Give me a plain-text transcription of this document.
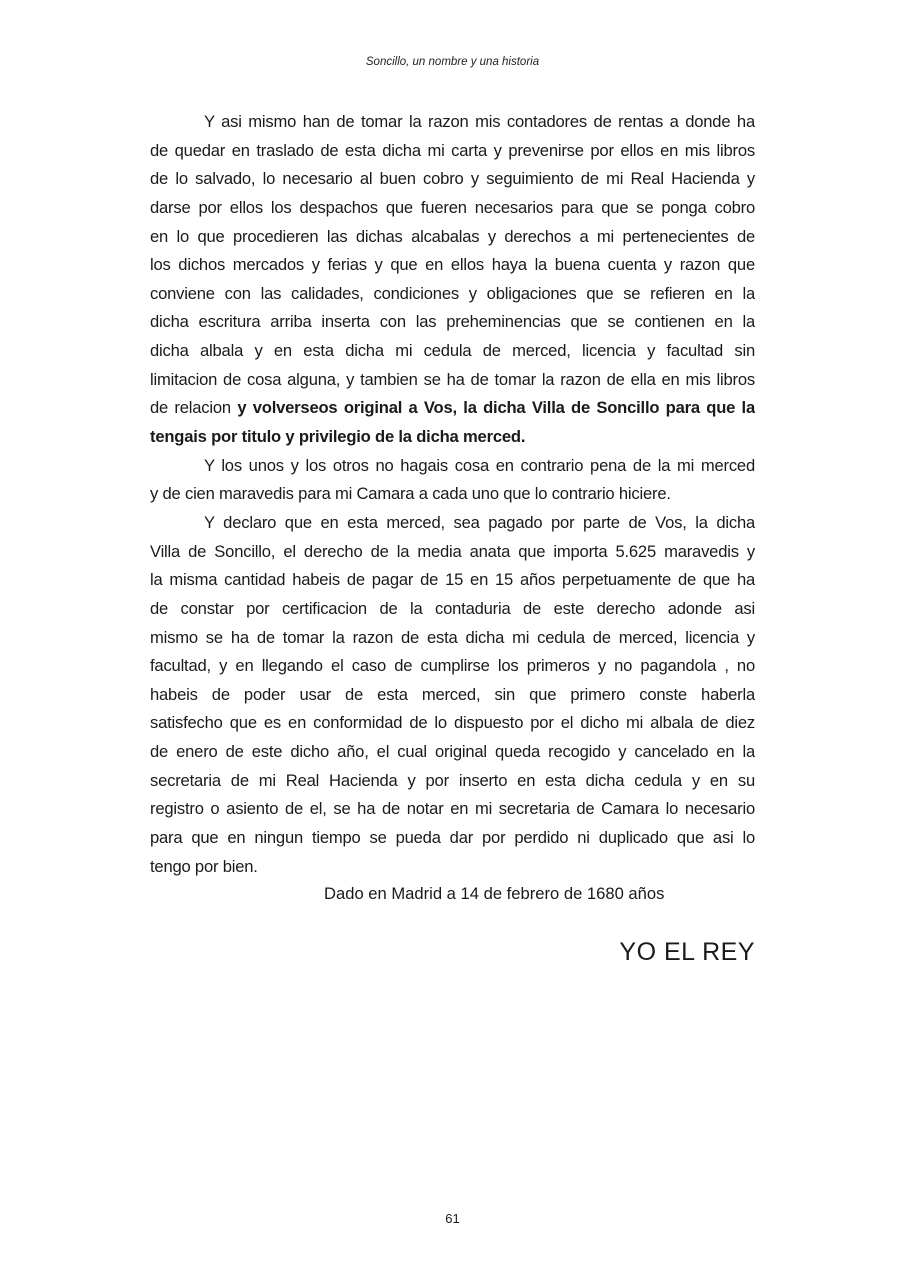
Soncillo, un nombre y una historia
Y asi mismo han de tomar la razon mis contadores de rentas a donde ha
de quedar en traslado de esta dicha mi carta y prevenirse por ellos en mis libros
de lo salvado, lo necesario al buen cobro y seguimiento de mi Real Hacienda y
darse por ellos los despachos que fueren necesarios para que se ponga cobro
en lo que procedieren las dichas alcabalas y derechos a mi pertenecientes de
los dichos mercados y ferias y que en ellos haya la buena cuenta y razon que
conviene con las calidades, condiciones y obligaciones que se refieren en la
dicha escritura arriba inserta con las preheminencias que se contienen en la
dicha albala y en esta dicha mi cedula de merced, licencia y facultad sin
limitacion de cosa alguna, y tambien se ha de tomar la razon de ella en mis libros
de relacion y volverseos original a Vos, la dicha Villa de Soncillo para que la
tengais por titulo y privilegio de la dicha merced.
Y los unos y los otros no hagais cosa en contrario pena de la mi merced
y de cien maravedis para mi Camara a cada uno que lo contrario hiciere.
Y declaro que en esta merced, sea pagado por parte de Vos, la dicha
Villa de Soncillo, el derecho de la media anata que importa 5.625 maravedis y
la misma cantidad habeis de pagar de 15 en 15 años perpetuamente de que ha
de constar por certificacion de la contaduria de este derecho adonde asi
mismo se ha de tomar la razon de esta dicha mi cedula de merced, licencia y
facultad, y en llegando el caso de cumplirse los primeros y no pagandola , no
habeis de poder usar de esta merced, sin que primero conste haberla
satisfecho que es en conformidad de lo dispuesto por el dicho mi albala de diez
de enero de este dicho año, el cual original queda recogido y cancelado en la
secretaria de mi Real Hacienda y por inserto en esta dicha cedula y en su
registro o asiento de el, se ha de notar en mi secretaria de Camara lo necesario
para que en ningun tiempo se pueda dar por perdido ni duplicado que asi lo
tengo por bien.
Dado en Madrid a 14 de febrero de 1680 años
YO EL REY
61
